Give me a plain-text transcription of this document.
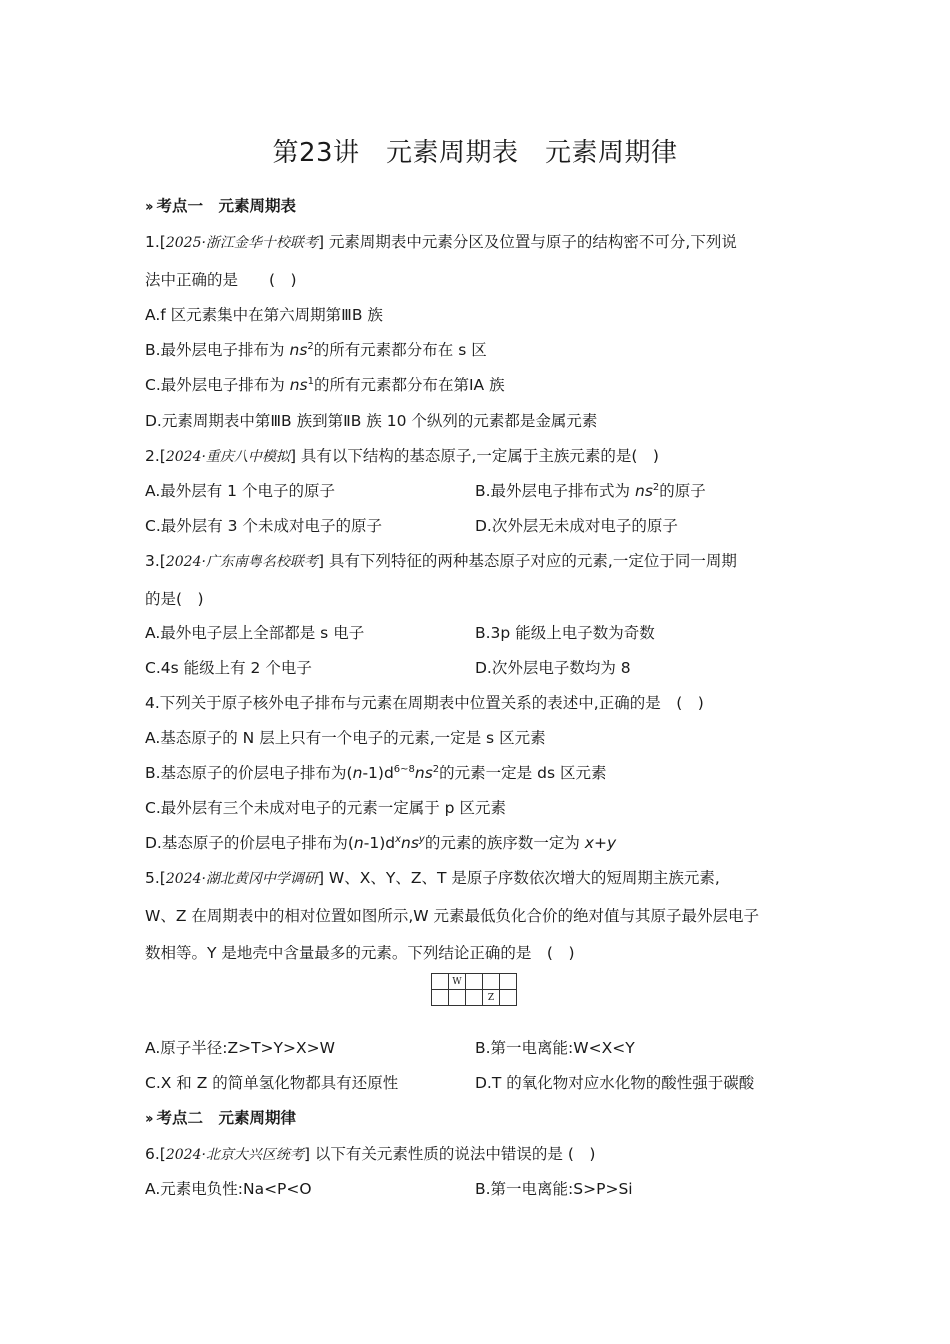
第23讲　元素周期表　元素周期律
›› 考点一　元素周期表
1.[2025·浙江金华十校联考] 元素周期表中元素分区及位置与原子的结构密不可分,下列说
法中正确的是　　(　)
A.f 区元素集中在第六周期第ⅢB 族
B.最外层电子排布为 $ns^2$的所有元素都分布在 s 区
C.最外层电子排布为 $ns^1$的所有元素都分布在第ⅠA 族
D.元素周期表中第ⅢB 族到第ⅡB 族 10 个纵列的元素都是金属元素
2.[2024·重庆八中模拟] 具有以下结构的基态原子,一定属于主族元素的是(　)
A.最外层有 1 个电子的原子	B.最外层电子排布式为 $ns^2$的原子
C.最外层有 3 个未成对电子的原子	D.次外层无未成对电子的原子
3.[2024·广东南粤名校联考] 具有下列特征的两种基态原子对应的元素,一定位于同一周期
的是(　)
A.最外电子层上全部都是 s 电子	B.3p 能级上电子数为奇数
C.4s 能级上有 2 个电子	D.次外层电子数均为 8
4.下列关于原子核外电子排布与元素在周期表中位置关系的表述中,正确的是　(　)
A.基态原子的 N 层上只有一个电子的元素,一定是 s 区元素
B.基态原子的价层电子排布为$(n-1)d^{6\sim 8}ns^2$的元素一定是 ds 区元素
C.最外层有三个未成对电子的元素一定属于 p 区元素
D.基态原子的价层电子排布为$(n-1)d^xns^y$的元素的族序数一定为 x+y
5.[2024·湖北黄冈中学调研] W、X、Y、Z、T 是原子序数依次增大的短周期主族元素,
W、Z 在周期表中的相对位置如图所示,W 元素最低负化合价的绝对值与其原子最外层电子
数相等。Y 是地壳中含量最多的元素。下列结论正确的是　(　)
	W			
			Z	
A.原子半径:Z>T>Y>X>W	B.第一电离能:W<X<Y
C.X 和 Z 的简单氢化物都具有还原性	D.T 的氧化物对应水化物的酸性强于碳酸
›› 考点二　元素周期律
6.[2024·北京大兴区统考] 以下有关元素性质的说法中错误的是 (　)
A.元素电负性:Na<P<O	B.第一电离能:S>P>Si
